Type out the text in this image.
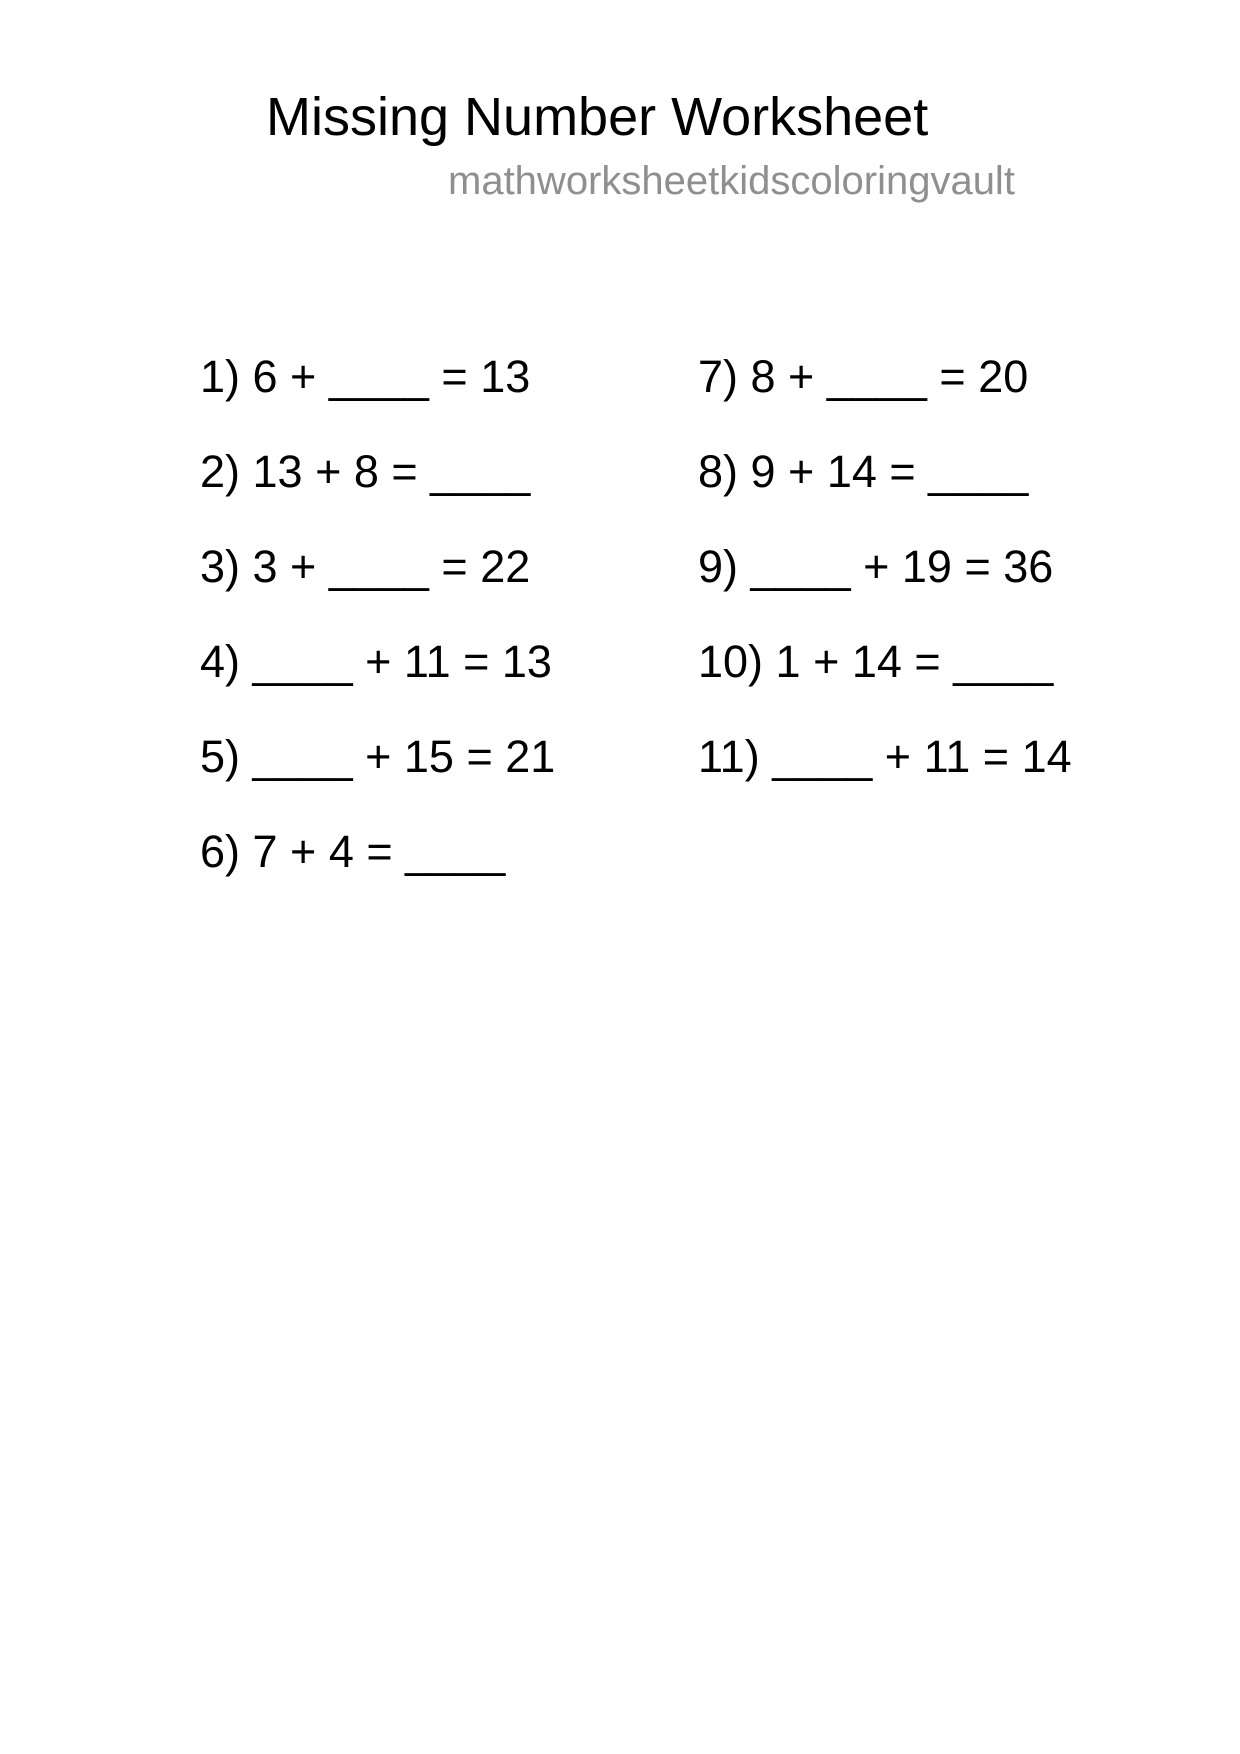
Missing Number Worksheet
mathworksheetkidscoloringvault
1) 6 + ____ = 13
2) 13 + 8 = ____
3) 3 + ____ = 22
4) ____ + 11 = 13
5) ____ + 15 = 21
6) 7 + 4 = ____
7) 8 + ____ = 20
8) 9 + 14 = ____
9) ____ + 19 = 36
10) 1 + 14 = ____
11) ____ + 11 = 14
